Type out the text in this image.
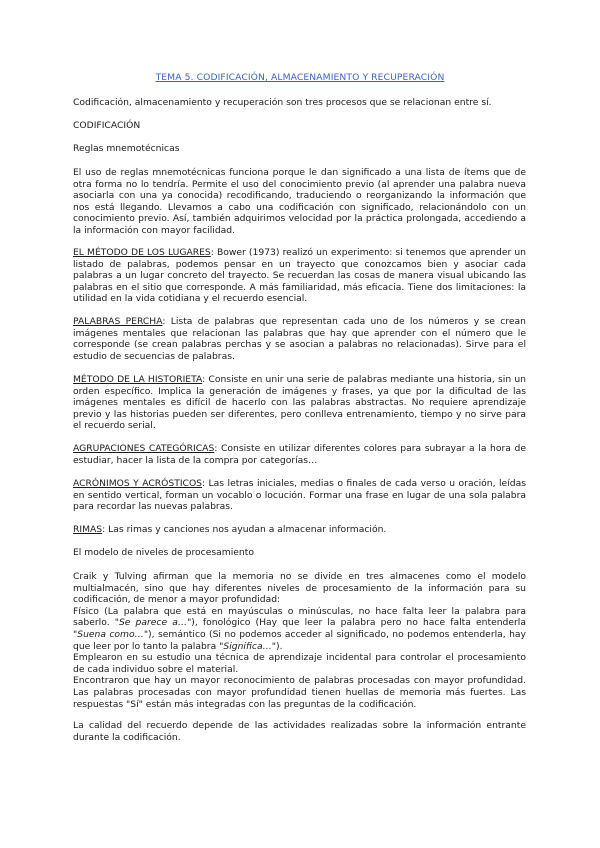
TEMA 5. CODIFICACIÓN, ALMACENAMIENTO Y RECUPERACIÓN

Codificación, almacenamiento y recuperación son tres procesos que se relacionan entre sí.

CODIFICACIÓN

Reglas mnemotécnicas

El uso de reglas mnemotécnicas funciona porque le dan significado a una lista de ítems que de otra forma no lo tendría. Permite el uso del conocimiento previo (al aprender una palabra nueva asociarla con una ya conocida) recodificando, traduciendo o reorganizando la información que nos está llegando. Llevamos a cabo una codificación con significado, relacionándolo con un conocimiento previo. Así, también adquirimos velocidad por la práctica prolongada, accediendo a la información con mayor facilidad.

EL MÉTODO DE LOS LUGARES: Bower (1973) realizó un experimento: si tenemos que aprender un listado de palabras, podemos pensar en un trayecto que conozcamos bien y asociar cada palabras a un lugar concreto del trayecto. Se recuerdan las cosas de manera visual ubicando las palabras en el sitio que corresponde. A más familiaridad, más eficacia. Tiene dos limitaciones: la utilidad en la vida cotidiana y el recuerdo esencial.

PALABRAS PERCHA: Lista de palabras que representan cada uno de los números y se crean imágenes mentales que relacionan las palabras que hay que aprender con el número que le corresponde (se crean palabras perchas y se asocian a palabras no relacionadas). Sirve para el estudio de secuencias de palabras.

MÉTODO DE LA HISTORIETA: Consiste en unir una serie de palabras mediante una historia, sin un orden específico. Implica la generación de imágenes y frases, ya que por la dificultad de las imágenes mentales es difícil de hacerlo con las palabras abstractas. No requiere aprendizaje previo y las historias pueden ser diferentes, pero conlleva entrenamiento, tiempo y no sirve para el recuerdo serial.

AGRUPACIONES CATEGÓRICAS: Consiste en utilizar diferentes colores para subrayar a la hora de estudiar, hacer la lista de la compra por categorías…

ACRÓNIMOS Y ACRÓSTICOS: Las letras iniciales, medias o finales de cada verso u oración, leídas en sentido vertical, forman un vocablo o locución. Formar una frase en lugar de una sola palabra para recordar las nuevas palabras.

RIMAS: Las rimas y canciones nos ayudan a almacenar información.

El modelo de niveles de procesamiento

Craik y Tulving afirman que la memoria no se divide en tres almacenes como el modelo multialmacén, sino que hay diferentes niveles de procesamiento de la información para su codificación, de menor a mayor profundidad:

Físico (La palabra que está en mayúsculas o minúsculas, no hace falta leer la palabra para saberlo. "Se parece a…"), fonológico (Hay que leer la palabra pero no hace falta entenderla "Suena como…"), semántico (Si no podemos acceder al significado, no podemos entenderla, hay que leer por lo tanto la palabra "Significa…").

Emplearon en su estudio una técnica de aprendizaje incidental para controlar el procesamiento de cada individuo sobre el material.

Encontraron que hay un mayor reconocimiento de palabras procesadas con mayor profundidad. Las palabras procesadas con mayor profundidad tienen huellas de memoria más fuertes. Las respuestas "Sí" están más integradas con las preguntas de la codificación.

La calidad del recuerdo depende de las actividades realizadas sobre la información entrante durante la codificación.
